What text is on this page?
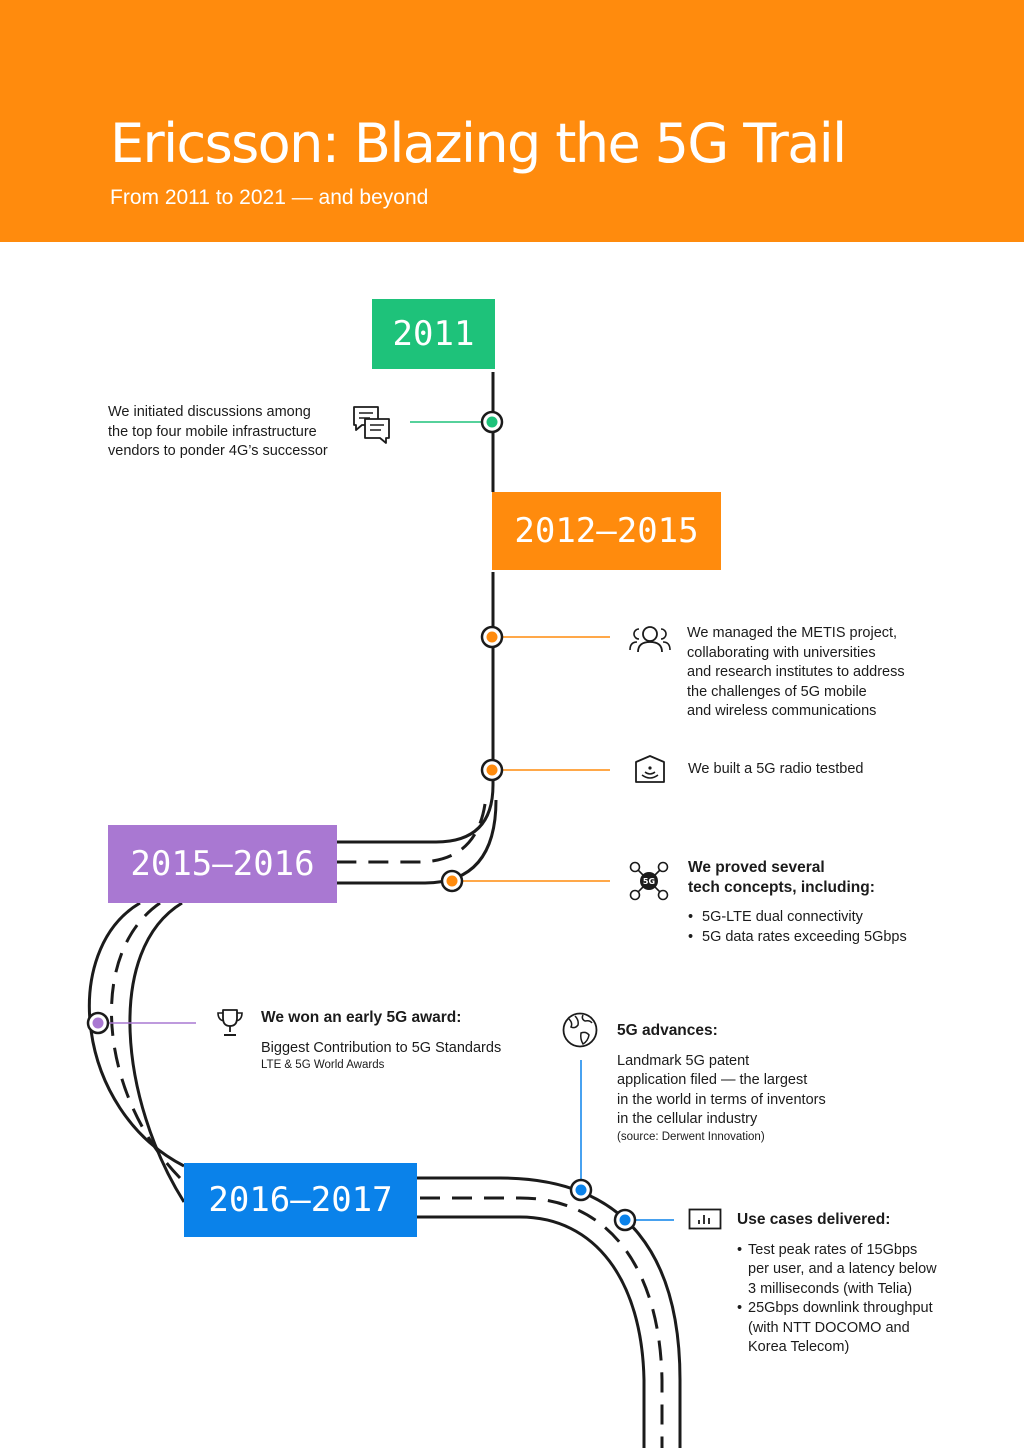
Ericsson: Blazing the 5G Trail
From 2011 to 2021 — and beyond
2011
2012—2015
2015—2016
2016—2017

We initiated discussions among

the top four mobile infrastructure

vendors to ponder 4G’s successor

We managed the METIS project,

collaborating with universities

and research institutes to address

the challenges of 5G mobile

and wireless communications

We built a 5G radio testbed
5G

We proved several

tech concepts, including:

• 5G-LTE dual connectivity
• 5G data rates exceeding 5Gbps

We won an early 5G award:

Biggest Contribution to 5G Standards

LTE & 5G World Awards

5G advances:

Landmark 5G patent

application filed — the largest

in the world in terms of inventors

in the cellular industry

(source: Derwent Innovation)

Use cases delivered:

• Test peak rates of 15Gbps
per user, and a latency below
3 milliseconds (with Telia)
• 25Gbps downlink throughput
(with NTT DOCOMO and
Korea Telecom)
